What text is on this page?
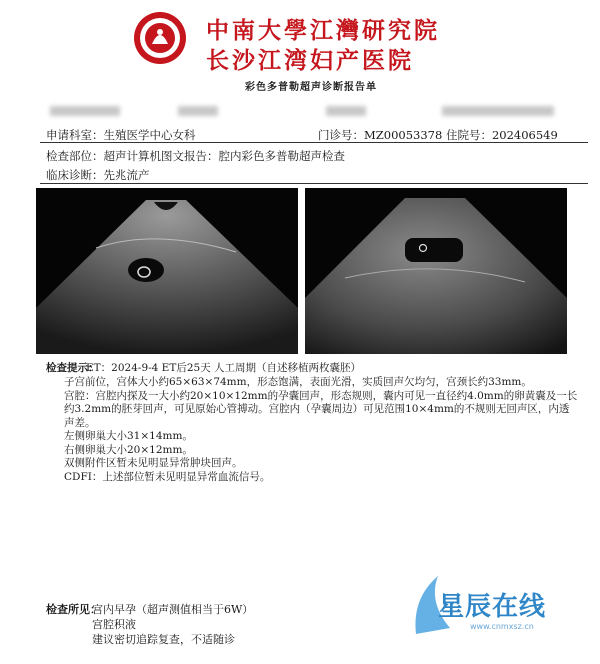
中南大學江灣研究院
长沙江湾妇产医院
彩色多普勒超声诊断报告单
申请科室：生殖医学中心女科	门诊号：MZ00053378 住院号：202406549
检查部位：超声计算机图文报告：腔内彩色多普勒超声检查
临床诊断：先兆流产

检查提示：
ET：2024-9-4 ET后25天 人工周期（自述移植两枚囊胚）

子宫前位，宫体大小约65×63×74mm，形态饱满，表面光滑，实质回声欠均匀，宫颈长约33mm。

宫腔：宫腔内探及一大小约20×10×12mm的孕囊回声，形态规则，囊内可见一直径约4.0mm的卵黄囊及一长约3.2mm的胚芽回声，可见原始心管搏动。宫腔内（孕囊周边）可见范围10×4mm的不规则无回声区，内透声差。

左侧卵巢大小31×14mm。

右侧卵巢大小20×12mm。

双侧附件区暂未见明显异常肿块回声。

CDFI：上述部位暂未见明显异常血流信号。

检查所见：
宫内早孕（超声测值相当于6W）
宫腔积液
建议密切追踪复查，不适随诊
星辰在线
www.cnmxsz.cn
